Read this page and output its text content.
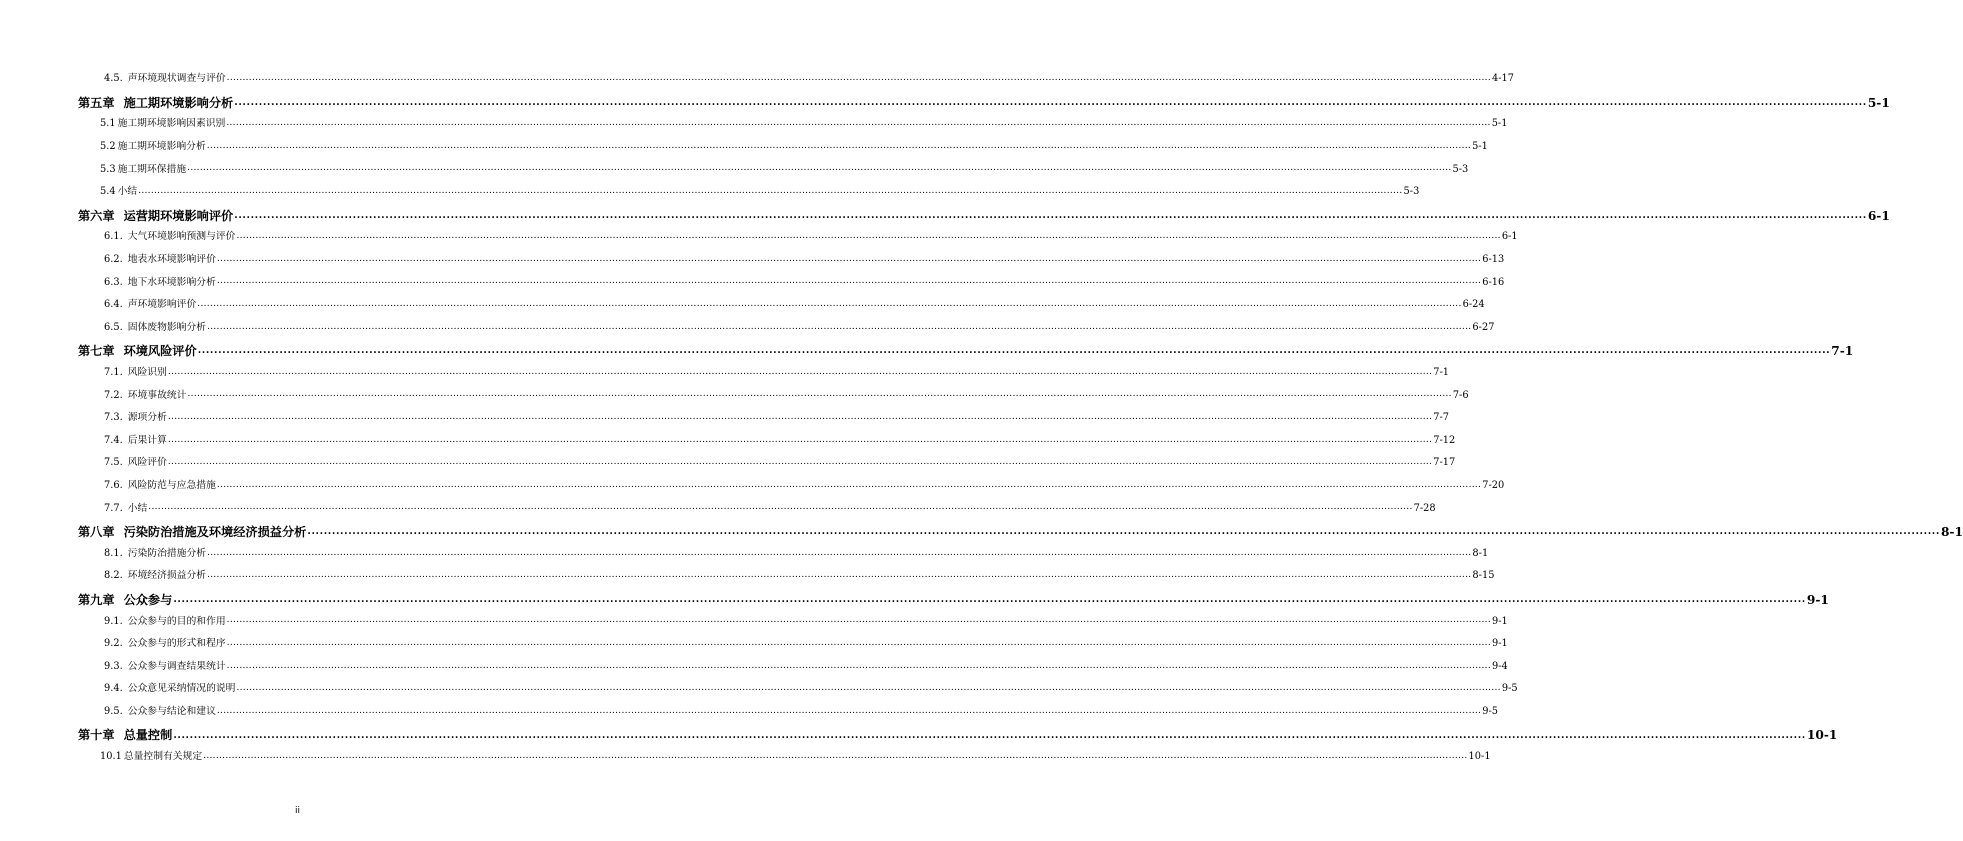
4.5. 声环境现状调查与评价 ................................................................................................................................................................................................................................................................................................................................................................................................................ 4-17
第五章 施工期环境影响分析 ................................................................................................................................................................................................................................................................................................................................................................................................................ 5-1
5.1 施工期环境影响因素识别 ................................................................................................................................................................................................................................................................................................................................................................................................................ 5-1
5.2 施工期环境影响分析 ................................................................................................................................................................................................................................................................................................................................................................................................................ 5-1
5.3 施工期环保措施 ................................................................................................................................................................................................................................................................................................................................................................................................................ 5-3
5.4 小结 ................................................................................................................................................................................................................................................................................................................................................................................................................ 5-3
第六章 运营期环境影响评价 ................................................................................................................................................................................................................................................................................................................................................................................................................ 6-1
6.1. 大气环境影响预测与评价 ................................................................................................................................................................................................................................................................................................................................................................................................................ 6-1
6.2. 地表水环境影响评价 ................................................................................................................................................................................................................................................................................................................................................................................................................ 6-13
6.3. 地下水环境影响分析 ................................................................................................................................................................................................................................................................................................................................................................................................................ 6-16
6.4. 声环境影响评价 ................................................................................................................................................................................................................................................................................................................................................................................................................ 6-24
6.5. 固体废物影响分析 ................................................................................................................................................................................................................................................................................................................................................................................................................ 6-27
第七章 环境风险评价 ................................................................................................................................................................................................................................................................................................................................................................................................................ 7-1
7.1. 风险识别 ................................................................................................................................................................................................................................................................................................................................................................................................................ 7-1
7.2. 环境事故统计 ................................................................................................................................................................................................................................................................................................................................................................................................................ 7-6
7.3. 源项分析 ................................................................................................................................................................................................................................................................................................................................................................................................................ 7-7
7.4. 后果计算 ................................................................................................................................................................................................................................................................................................................................................................................................................ 7-12
7.5. 风险评价 ................................................................................................................................................................................................................................................................................................................................................................................................................ 7-17
7.6. 风险防范与应急措施 ................................................................................................................................................................................................................................................................................................................................................................................................................ 7-20
7.7. 小结 ................................................................................................................................................................................................................................................................................................................................................................................................................ 7-28
第八章 污染防治措施及环境经济损益分析 ................................................................................................................................................................................................................................................................................................................................................................................................................ 8-1
8.1. 污染防治措施分析 ................................................................................................................................................................................................................................................................................................................................................................................................................ 8-1
8.2. 环境经济损益分析 ................................................................................................................................................................................................................................................................................................................................................................................................................ 8-15
第九章 公众参与 ................................................................................................................................................................................................................................................................................................................................................................................................................ 9-1
9.1. 公众参与的目的和作用 ................................................................................................................................................................................................................................................................................................................................................................................................................ 9-1
9.2. 公众参与的形式和程序 ................................................................................................................................................................................................................................................................................................................................................................................................................ 9-1
9.3. 公众参与调查结果统计 ................................................................................................................................................................................................................................................................................................................................................................................................................ 9-4
9.4. 公众意见采纳情况的说明 ................................................................................................................................................................................................................................................................................................................................................................................................................ 9-5
9.5. 公众参与结论和建议 ................................................................................................................................................................................................................................................................................................................................................................................................................ 9-5
第十章 总量控制 ................................................................................................................................................................................................................................................................................................................................................................................................................ 10-1
10.1 总量控制有关规定 ................................................................................................................................................................................................................................................................................................................................................................................................................ 10-1
ii
